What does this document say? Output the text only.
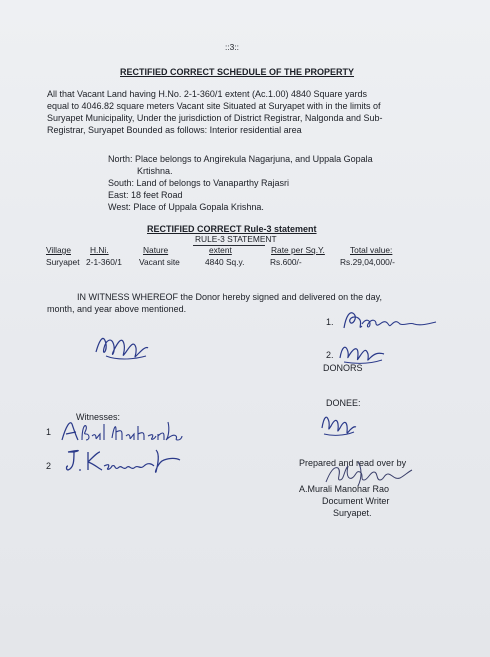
::3::
RECTIFIED CORRECT SCHEDULE OF THE PROPERTY
All that Vacant Land having H.No. 2-1-360/1 extent (Ac.1.00) 4840 Square yards
equal to 4046.82 square meters Vacant site Situated at Suryapet with in the limits of
Suryapet Municipality, Under the jurisdiction of District Registrar, Nalgonda and Sub-
Registrar, Suryapet Bounded as follows: Interior residential area
North: Place belongs to Angirekula Nagarjuna, and Uppala Gopala
Krtishna.
South: Land of belongs to Vanaparthy Rajasri
East: 18 feet Road
West: Place of Uppala Gopala Krishna.
RECTIFIED CORRECT Rule-3 statement
RULE-3 STATEMENT
Village H.Ni.	Nature	extent	Rate per Sq.Y.	Total value:
Suryapet 2-1-360/1 Vacant site	4840 Sq.y.	Rs.600/-	Rs.29,04,000/-
IN WITNESS WHEREOF the Donor hereby signed and delivered on the day,
month, and year above mentioned.
1.
2.
DONORS
DONEE:
Witnesses:
1
2	Prepared and read over by
A.Murali Manohar Rao
Document Writer
Suryapet.
